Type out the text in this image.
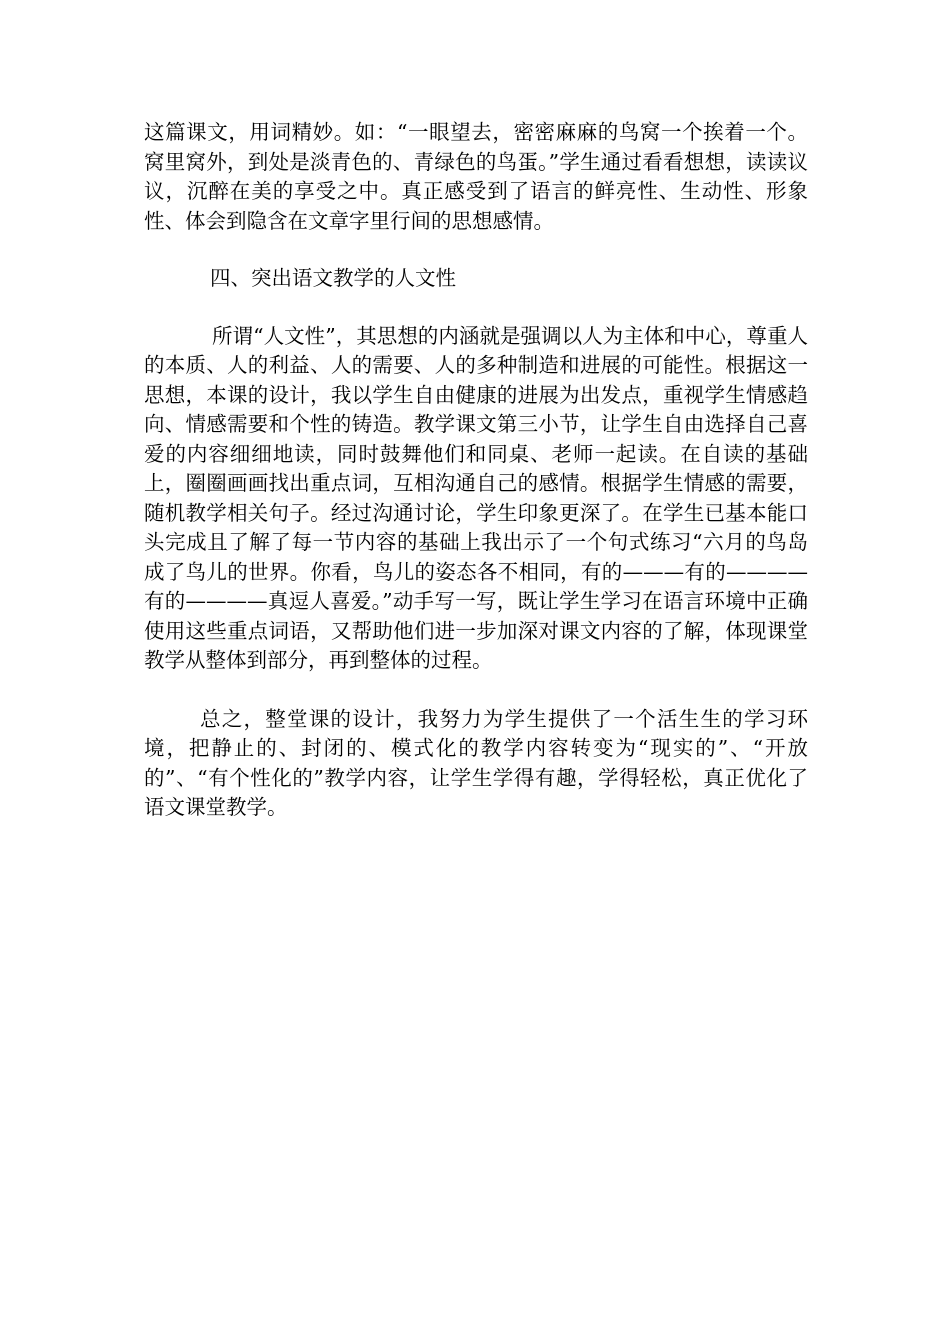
这篇课文，用词精妙。如：“一眼望去，密密麻麻的鸟窝一个挨着一个。窝里窝外，到处是淡青色的、青绿色的鸟蛋。”学生通过看看想想，读读议议，沉醉在美的享受之中。真正感受到了语言的鲜亮性、生动性、形象性、体会到隐含在文章字里行间的思想感情。

四、突出语文教学的人文性

所谓“人文性”，其思想的内涵就是强调以人为主体和中心，尊重人的本质、人的利益、人的需要、人的多种制造和进展的可能性。根据这一思想，本课的设计，我以学生自由健康的进展为出发点，重视学生情感趋向、情感需要和个性的铸造。教学课文第三小节，让学生自由选择自己喜爱的内容细细地读，同时鼓舞他们和同桌、老师一起读。在自读的基础上，圈圈画画找出重点词，互相沟通自己的感情。根据学生情感的需要，随机教学相关句子。经过沟通讨论，学生印象更深了。在学生已基本能口头完成且了解了每一节内容的基础上我出示了一个句式练习“六月的鸟岛成了鸟儿的世界。你看，鸟儿的姿态各不相同，有的———有的————有的————真逗人喜爱。”动手写一写，既让学生学习在语言环境中正确使用这些重点词语，又帮助他们进一步加深对课文内容的了解，体现课堂教学从整体到部分，再到整体的过程。

总之，整堂课的设计，我努力为学生提供了一个活生生的学习环境，把静止的、封闭的、模式化的教学内容转变为“现实的”、“开放的”、“有个性化的”教学内容，让学生学得有趣，学得轻松，真正优化了语文课堂教学。
